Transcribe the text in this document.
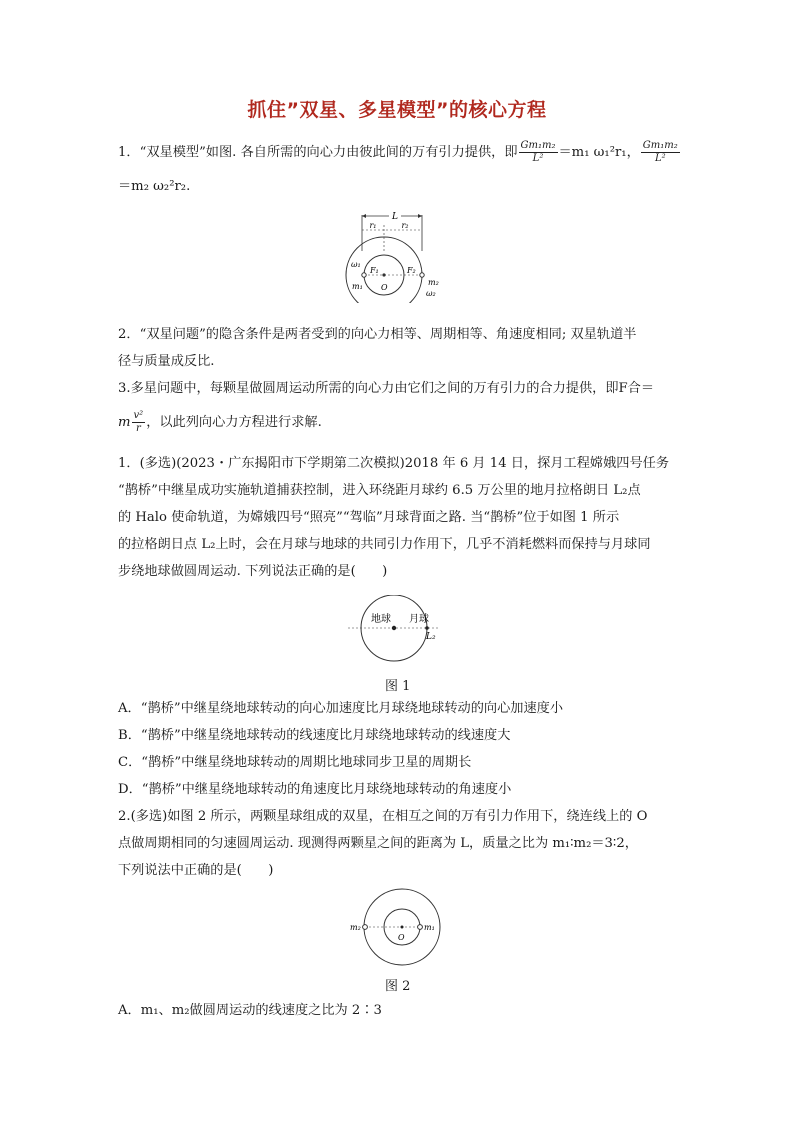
抓住”双星、多星模型”的核心方程
1．“双星模型”如图. 各自所需的向心力由彼此间的万有引力提供，即 $\frac{\text{Gm₁m₂}}{\text{L²}} =m_1$ ω₁²r₁， $\frac{\text{Gm₁m₂}}{\text{L²}}$
＝m₂ ω₂²r₂.
L
r₁	r₂
O
F₁	F₂
ω₁
m₁	m₂
ω₂
2．“双星问题”的隐含条件是两者受到的向心力相等、周期相等、角速度相同; 双星轨道半
径与质量成反比.
3.多星问题中，每颗星做圆周运动所需的向心力由它们之间的万有引力的合力提供，即F合＝
m $\frac{\text{v²}}{r}$ ，以此列向心力方程进行求解.
1．(多选)(2023・广东揭阳市下学期第二次模拟)2018 年 6 月 14 日，探月工程嫦娥四号任务
“鹊桥”中继星成功实施轨道捕获控制，进入环绕距月球约 6.5 万公里的地月拉格朗日 L₂点
的 Halo 使命轨道，为嫦娥四号“照亮”“驾临”月球背面之路. 当“鹊桥”位于如图 1 所示
的拉格朗日点 L₂上时，会在月球与地球的共同引力作用下，几乎不消耗燃料而保持与月球同
步绕地球做圆周运动. 下列说法正确的是(　　)
地球 月球
L₂
图 1
A．“鹊桥”中继星绕地球转动的向心加速度比月球绕地球转动的向心加速度小
B．“鹊桥”中继星绕地球转动的线速度比月球绕地球转动的线速度大
C．“鹊桥”中继星绕地球转动的周期比地球同步卫星的周期长
D．“鹊桥”中继星绕地球转动的角速度比月球绕地球转动的角速度小
2.(多选)如图 2 所示，两颗星球组成的双星，在相互之间的万有引力作用下，绕连线上的 O
点做周期相同的匀速圆周运动. 现测得两颗星之间的距离为 L，质量之比为 m₁∶m₂＝3∶2，
下列说法中正确的是(　　)
O
m₂	m₁
图 2
A．m₁、m₂做圆周运动的线速度之比为 2∶3
